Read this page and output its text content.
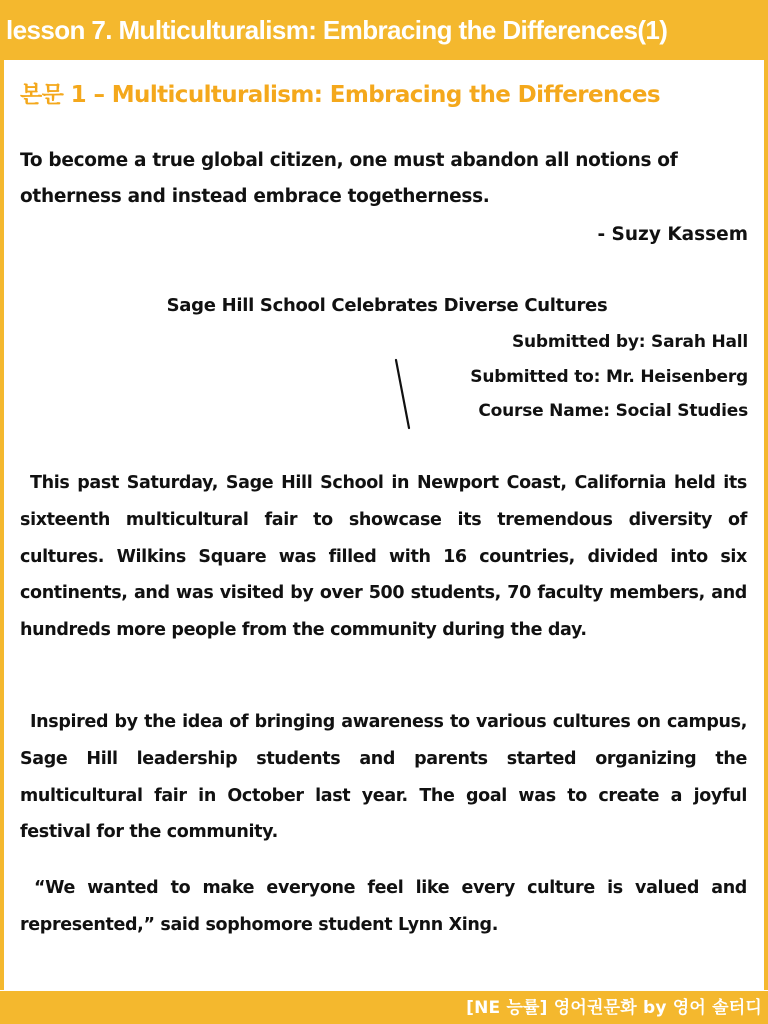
lesson 7. Multiculturalism: Embracing the Differences(1)
본문 1 – Multiculturalism: Embracing the Differences

To become a true global citizen, one must abandon all notions of otherness and instead embrace togetherness.

- Suzy Kassem
Sage Hill School Celebrates Diverse Cultures
Submitted by: Sarah Hall
Submitted to: Mr. Heisenberg
Course Name: Social Studies

This past Saturday, Sage Hill School in Newport Coast, California held its sixteenth multicultural fair to showcase its tremendous diversity of cultures. Wilkins Square was filled with 16 countries, divided into six continents, and was visited by over 500 students, 70 faculty members, and hundreds more people from the community during the day.

Inspired by the idea of bringing awareness to various cultures on campus, Sage Hill leadership students and parents started organizing the multicultural fair in October last year. The goal was to create a joyful festival for the community.

“We wanted to make everyone feel like every culture is valued and represented,” said sophomore student Lynn Xing.

[NE 능률] 영어권문화 by 영어 솔터디
